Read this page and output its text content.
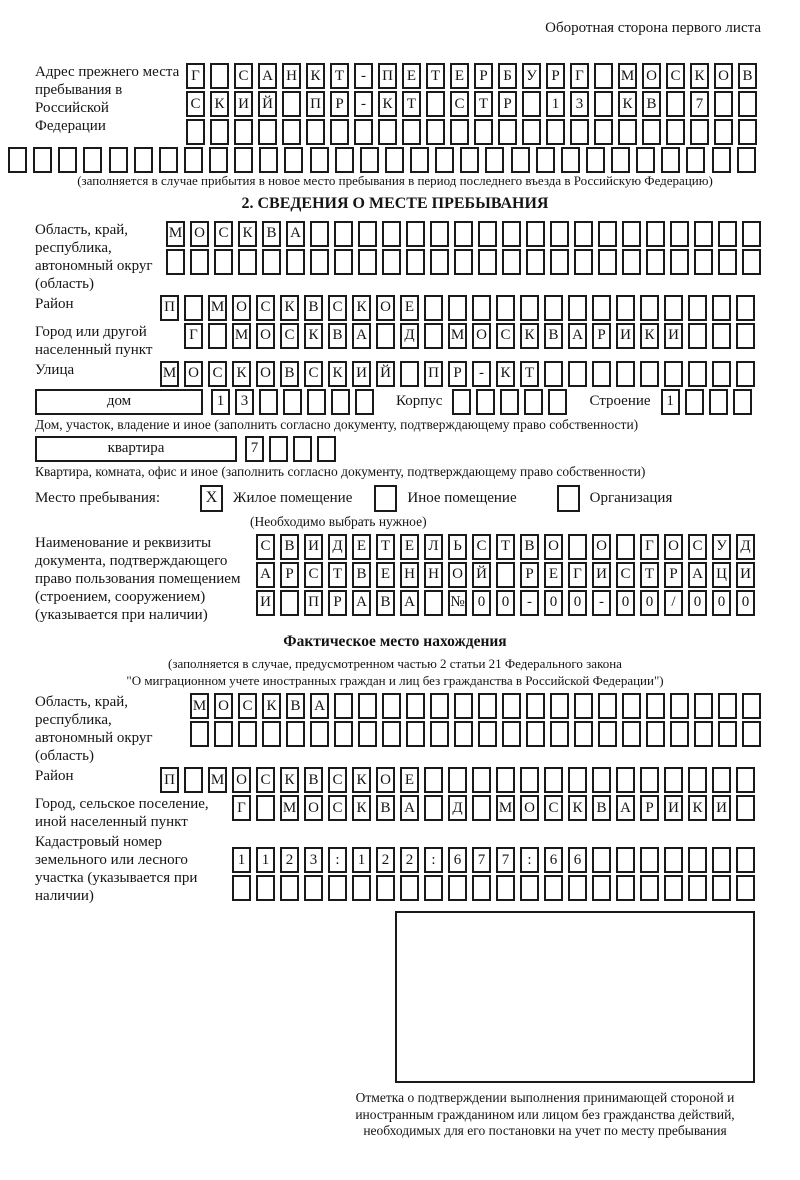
Оборотная сторона первого листа
Адрес прежнего места пребывания в Российской Федерации
Г	С А Н К Т	-	П Е Т Е	Р	Б У Р	Г	М О С К О В
С К И Й П Р	-	К Т	С Т	Р	1	3	К В	7
(заполняется в случае прибытия в новое место пребывания в период последнего въезда в Российскую Федерацию)
2. СВЕДЕНИЯ О МЕСТЕ ПРЕБЫВАНИЯ
Область, край, республика, автономный округ (область)
М О С К В А
Район	П М О С К В С К О Е
Город или другой населенный пункт
Г	М О С К В А Д М О С К В А Р И К И
Улица	М О С К О В С К И Й П Р	-	К Т
дом	1	3	Корпус	Строение	1
Дом, участок, владение и иное (заполнить согласно документу, подтверждающему право собственности)
квартира	7
Квартира, комната, офис и иное (заполнить согласно документу, подтверждающему право собственности)
Место пребывания:	X	Жилое помещение	Иное помещение	Организация
(Необходимо выбрать нужное)
Наименование и реквизиты документа, подтверждающего право пользования помещением (строением, сооружением) (указывается при наличии)
С В И Д Е Т Е Л Ь С Т В О О	Г О С У Д
А Р С Т В Е Н Н О Й	Р	Е	Г И С Т	Р А Ц И
И П Р А В А № 0	0	-	0	0	-	0	0	/	0	0	0
Фактическое место нахождения
(заполняется в случае, предусмотренном частью 2 статьи 21 Федерального закона
"О миграционном учете иностранных граждан и лиц без гражданства в Российской Федерации")
Область, край, республика, автономный округ (область)
М О С К В А
Район	П М О С К В С К О Е
Город, сельское поселение, иной населенный пункт
Г	М О С К В А Д М О С К В А Р И К И
Кадастровый номер земельного или лесного участка (указывается при наличии)
1	1	2	3	:	1	2	2	:	6	7	7	:	6	6
Отметка о подтверждении выполнения принимающей стороной и иностранным гражданином или лицом без гражданства действий, необходимых для его постановки на учет по месту пребывания
